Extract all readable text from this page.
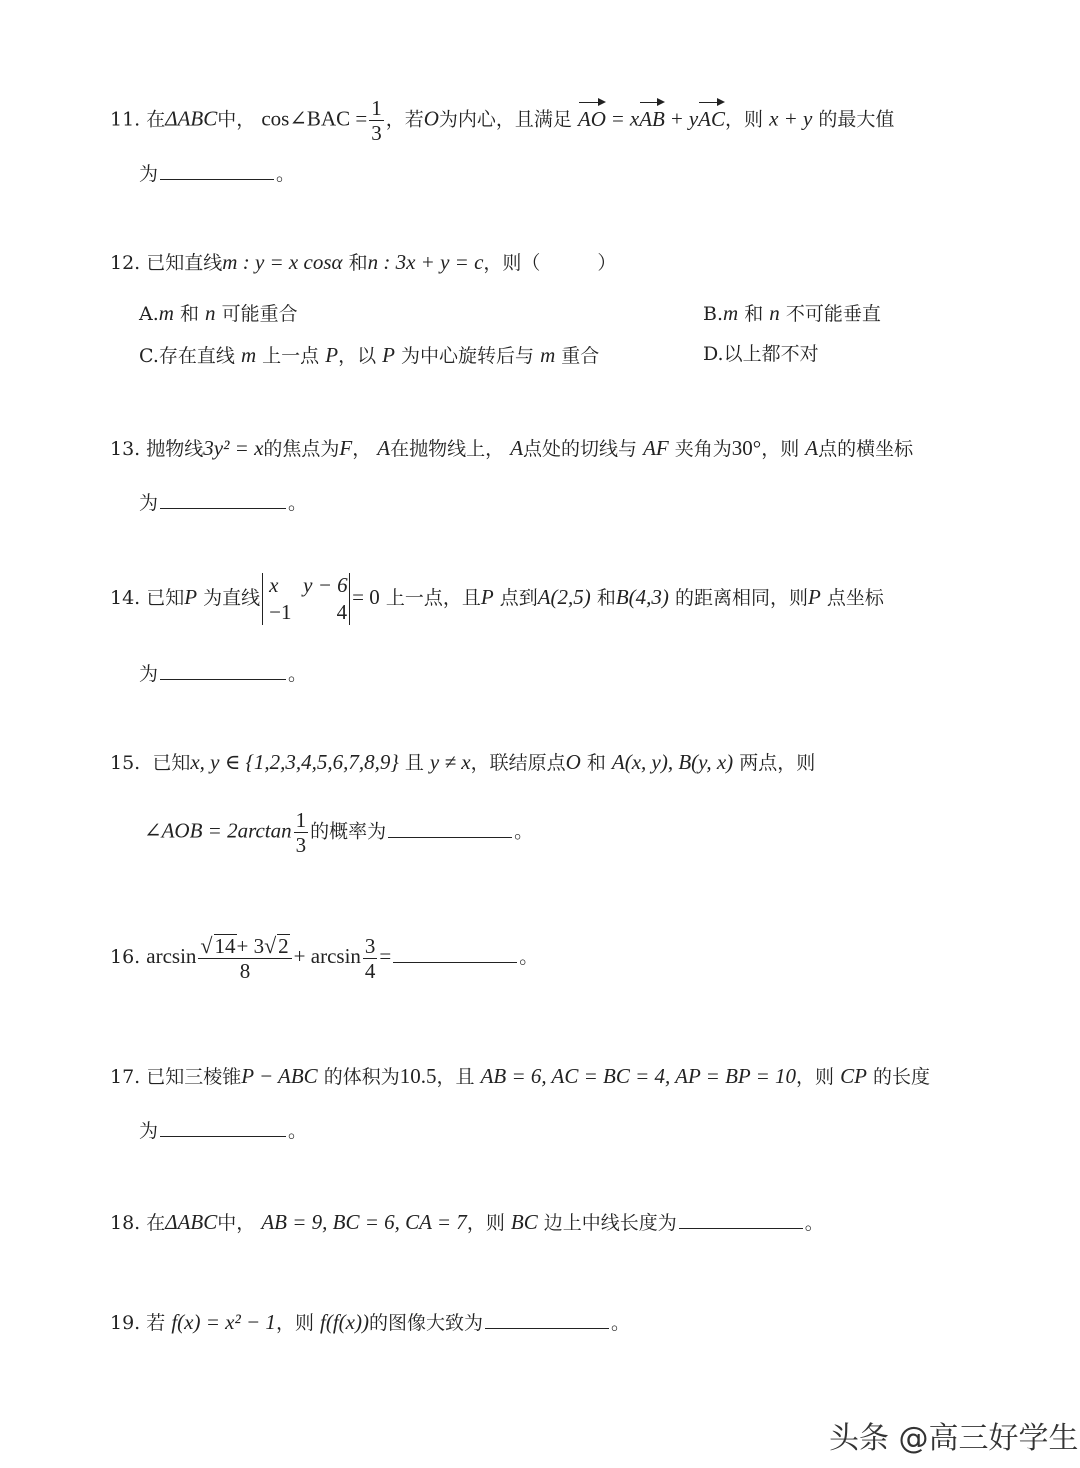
11. 在ΔABC中， cos∠BAC = $\frac{1}{3}$ ，若O为内心，且满足 AO = xAB + yAC，则 x + y 的最大值
为	。
12. 已知直线m : y = x cosα 和n : 3x + y = c，则（　　　）
A.m 和 n 可能重合	B.m 和 n 不可能垂直
C.存在直线 m 上一点 P，以 P 为中心旋转后与 m 重合	D.以上都不对
13. 抛物线3y² = x的焦点为F， A在抛物线上， A点处的切线与 AF 夹角为30°，则 A点的横坐标
为	。
14. 已知P 为直线
x	y − 6
−1	4
= 0 上一点，且P 点到A(2,5) 和B(4,3) 的距离相同，则P 点坐标
为	。
15. 已知x, y ∈ {1,2,3,4,5,6,7,8,9} 且 y ≠ x，联结原点O 和 A(x, y), B(y, x) 两点，则
∠AOB = $2\arctan \frac{1}{3}$ 的概率为	。
16. $\arcsin \frac{√14+ 3√2}{8} + \arcsin \frac{3}{4}$ =	。
17. 已知三棱锥P − ABC 的体积为10.5，且 AB = 6, AC = BC = 4, AP = BP = 10，则 CP 的长度
为	。
18. 在ΔABC中， AB = 9, BC = 6, CA = 7，则 BC 边上中线长度为	。
19. 若 f(x) = x² − 1，则 f(f(x))的图像大致为	。
头条 @高三好学生
